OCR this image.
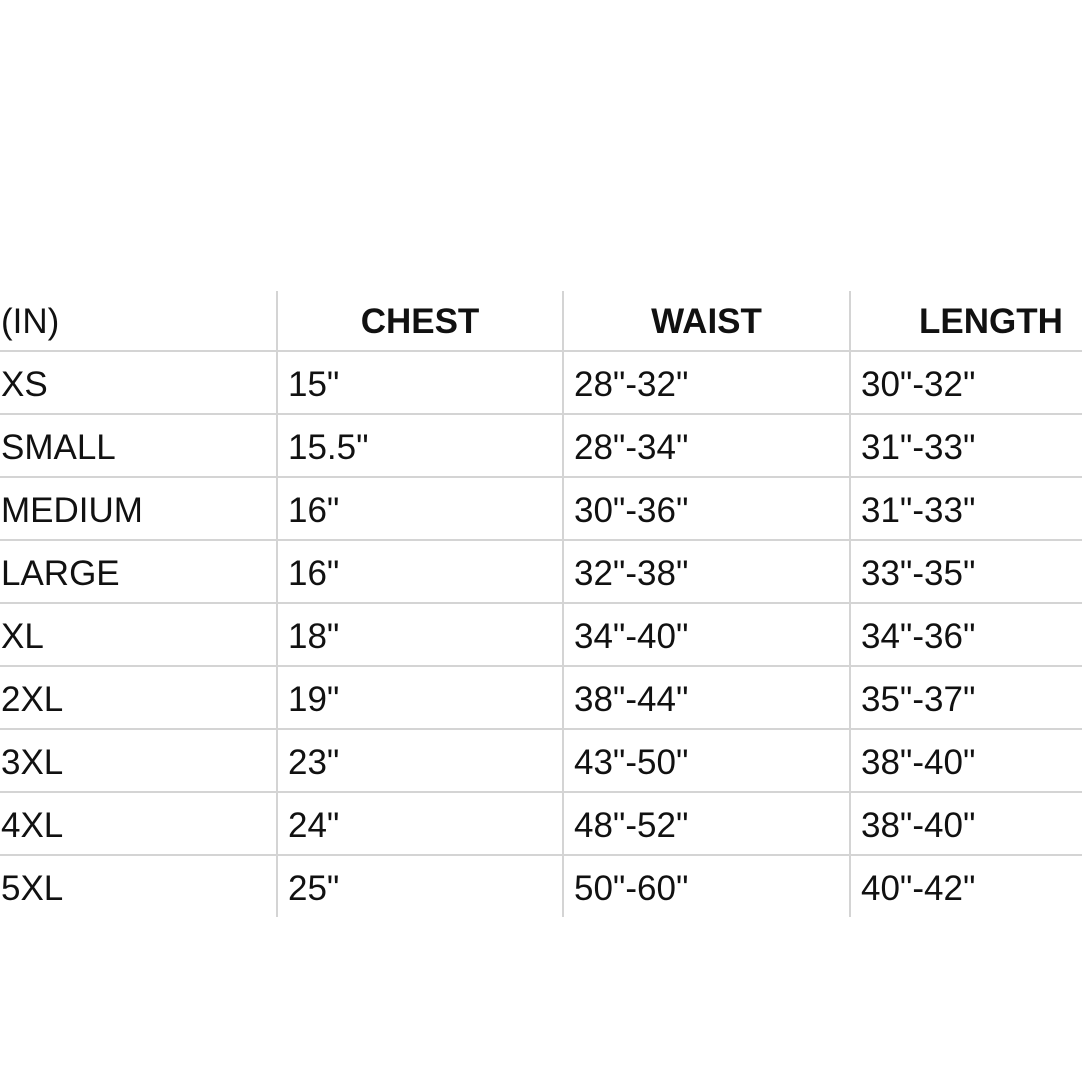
(IN)	CHEST	WAIST	LENGTH
XS	15"	28"-32"	30"-32"
SMALL	15.5"	28"-34"	31"-33"
MEDIUM	16"	30"-36"	31"-33"
LARGE	16"	32"-38"	33"-35"
XL	18"	34"-40"	34"-36"
2XL	19"	38"-44"	35"-37"
3XL	23"	43"-50"	38"-40"
4XL	24"	48"-52"	38"-40"
5XL	25"	50"-60"	40"-42"
